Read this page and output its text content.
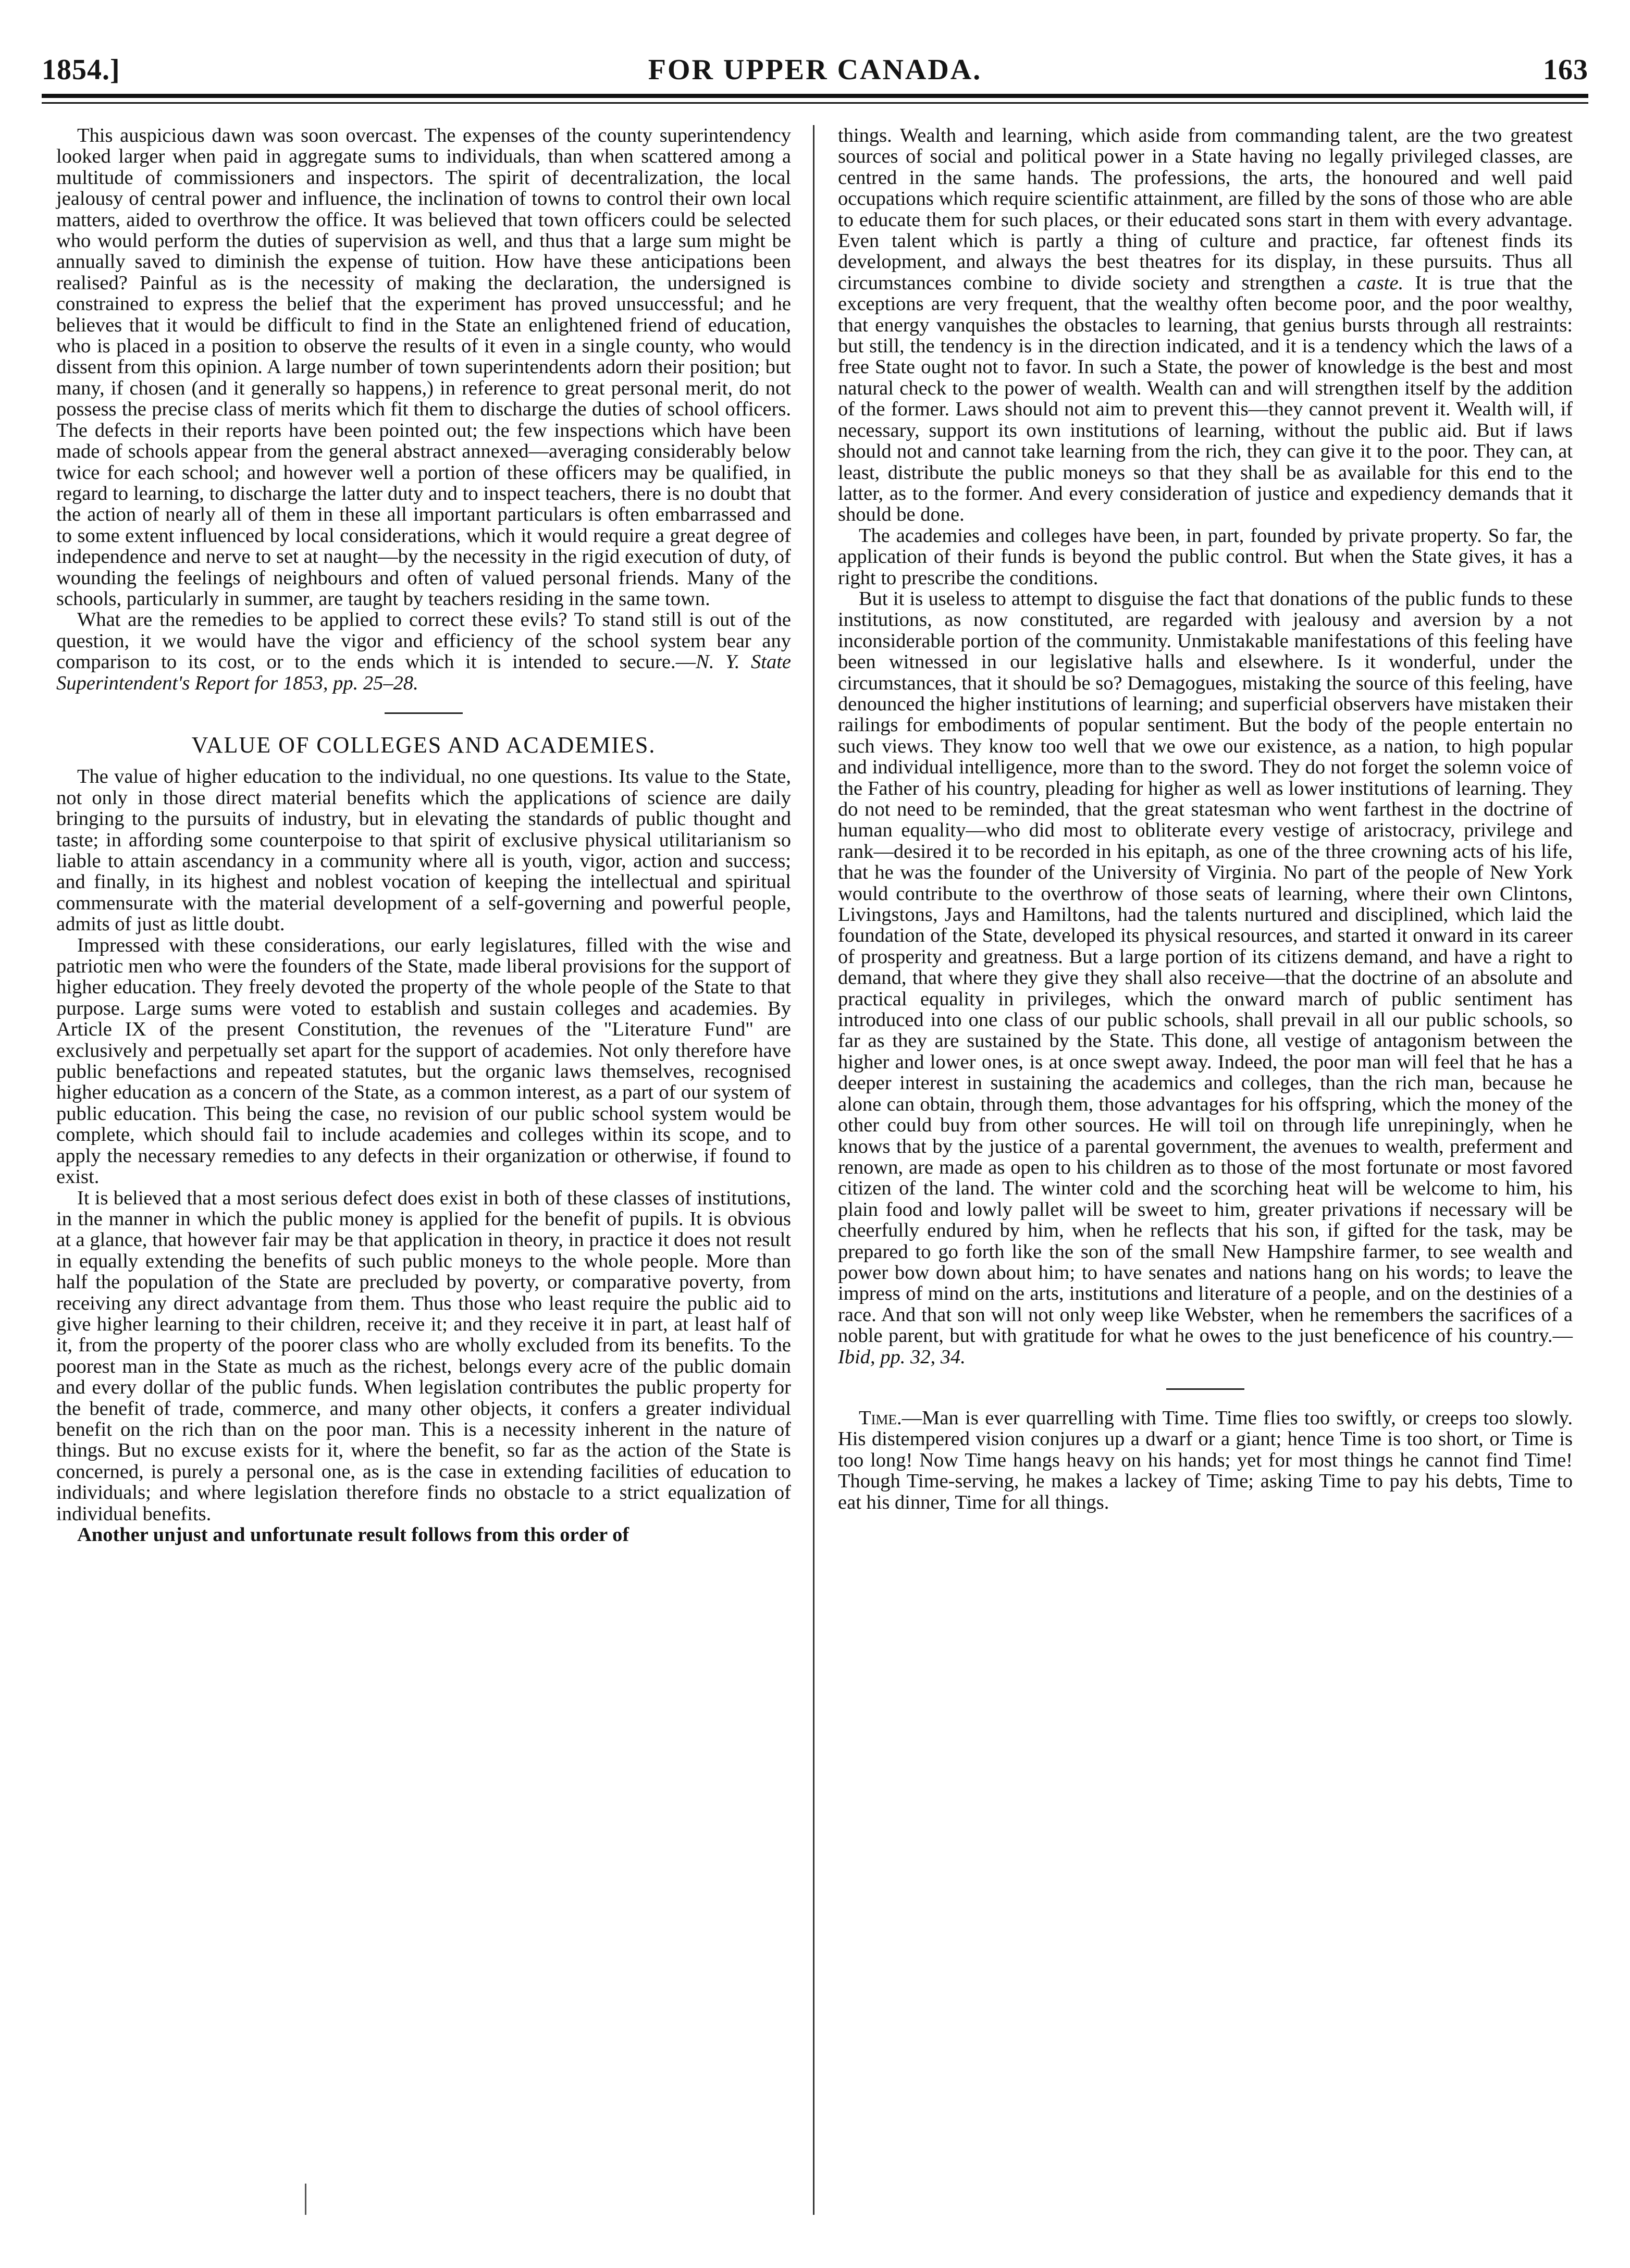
1854.]	FOR UPPER CANADA.	163

This auspicious dawn was soon overcast. The expenses of the county superintendency looked larger when paid in aggregate sums to individuals, than when scattered among a multitude of commissioners and inspectors. The spirit of decentralization, the local jealousy of central power and influence, the inclination of towns to control their own local matters, aided to overthrow the office. It was believed that town officers could be selected who would perform the duties of supervision as well, and thus that a large sum might be annually saved to diminish the expense of tuition. How have these anticipations been realised? Painful as is the necessity of making the declaration, the undersigned is constrained to express the belief that the experiment has proved unsuccessful; and he believes that it would be difficult to find in the State an enlightened friend of education, who is placed in a position to observe the results of it even in a single county, who would dissent from this opinion. A large number of town superintendents adorn their position; but many, if chosen (and it generally so happens,) in reference to great personal merit, do not possess the precise class of merits which fit them to discharge the duties of school officers. The defects in their reports have been pointed out; the few inspections which have been made of schools appear from the general abstract annexed—averaging considerably below twice for each school; and however well a portion of these officers may be qualified, in regard to learning, to discharge the latter duty and to inspect teachers, there is no doubt that the action of nearly all of them in these all important particulars is often embarrassed and to some extent influenced by local considerations, which it would require a great degree of independence and nerve to set at naught—by the necessity in the rigid execution of duty, of wounding the feelings of neighbours and often of valued personal friends. Many of the schools, particularly in summer, are taught by teachers residing in the same town.

What are the remedies to be applied to correct these evils? To stand still is out of the question, it we would have the vigor and efficiency of the school system bear any comparison to its cost, or to the ends which it is intended to secure.—N. Y. State Superintendent's Report for 1853, pp. 25–28.

VALUE OF COLLEGES AND ACADEMIES.

The value of higher education to the individual, no one questions. Its value to the State, not only in those direct material benefits which the applications of science are daily bringing to the pursuits of industry, but in elevating the standards of public thought and taste; in affording some counterpoise to that spirit of exclusive physical utilitarianism so liable to attain ascendancy in a community where all is youth, vigor, action and success; and finally, in its highest and noblest vocation of keeping the intellectual and spiritual commensurate with the material development of a self-governing and powerful people, admits of just as little doubt.

Impressed with these considerations, our early legislatures, filled with the wise and patriotic men who were the founders of the State, made liberal provisions for the support of higher education. They freely devoted the property of the whole people of the State to that purpose. Large sums were voted to establish and sustain colleges and academies. By Article IX of the present Constitution, the revenues of the "Literature Fund" are exclusively and perpetually set apart for the support of academies. Not only therefore have public benefactions and repeated statutes, but the organic laws themselves, recognised higher education as a concern of the State, as a common interest, as a part of our system of public education. This being the case, no revision of our public school system would be complete, which should fail to include academies and colleges within its scope, and to apply the necessary remedies to any defects in their organization or otherwise, if found to exist.

It is believed that a most serious defect does exist in both of these classes of institutions, in the manner in which the public money is applied for the benefit of pupils. It is obvious at a glance, that however fair may be that application in theory, in practice it does not result in equally extending the benefits of such public moneys to the whole people. More than half the population of the State are precluded by poverty, or comparative poverty, from receiving any direct advantage from them. Thus those who least require the public aid to give higher learning to their children, receive it; and they receive it in part, at least half of it, from the property of the poorer class who are wholly excluded from its benefits. To the poorest man in the State as much as the richest, belongs every acre of the public domain and every dollar of the public funds. When legislation contributes the public property for the benefit of trade, commerce, and many other objects, it confers a greater individual benefit on the rich than on the poor man. This is a necessity inherent in the nature of things. But no excuse exists for it, where the benefit, so far as the action of the State is concerned, is purely a personal one, as is the case in extending facilities of education to individuals; and where legislation therefore finds no obstacle to a strict equalization of individual benefits.

Another unjust and unfortunate result follows from this order of

things. Wealth and learning, which aside from commanding talent, are the two greatest sources of social and political power in a State having no legally privileged classes, are centred in the same hands. The professions, the arts, the honoured and well paid occupations which require scientific attainment, are filled by the sons of those who are able to educate them for such places, or their educated sons start in them with every advantage. Even talent which is partly a thing of culture and practice, far oftenest finds its development, and always the best theatres for its display, in these pursuits. Thus all circumstances combine to divide society and strengthen a caste. It is true that the exceptions are very frequent, that the wealthy often become poor, and the poor wealthy, that energy vanquishes the obstacles to learning, that genius bursts through all restraints: but still, the tendency is in the direction indicated, and it is a tendency which the laws of a free State ought not to favor. In such a State, the power of knowledge is the best and most natural check to the power of wealth. Wealth can and will strengthen itself by the addition of the former. Laws should not aim to prevent this—they cannot prevent it. Wealth will, if necessary, support its own institutions of learning, without the public aid. But if laws should not and cannot take learning from the rich, they can give it to the poor. They can, at least, distribute the public moneys so that they shall be as available for this end to the latter, as to the former. And every consideration of justice and expediency demands that it should be done.

The academies and colleges have been, in part, founded by private property. So far, the application of their funds is beyond the public control. But when the State gives, it has a right to prescribe the conditions.

But it is useless to attempt to disguise the fact that donations of the public funds to these institutions, as now constituted, are regarded with jealousy and aversion by a not inconsiderable portion of the community. Unmistakable manifestations of this feeling have been witnessed in our legislative halls and elsewhere. Is it wonderful, under the circumstances, that it should be so? Demagogues, mistaking the source of this feeling, have denounced the higher institutions of learning; and superficial observers have mistaken their railings for embodiments of popular sentiment. But the body of the people entertain no such views. They know too well that we owe our existence, as a nation, to high popular and individual intelligence, more than to the sword. They do not forget the solemn voice of the Father of his country, pleading for higher as well as lower institutions of learning. They do not need to be reminded, that the great statesman who went farthest in the doctrine of human equality—who did most to obliterate every vestige of aristocracy, privilege and rank—desired it to be recorded in his epitaph, as one of the three crowning acts of his life, that he was the founder of the University of Virginia. No part of the people of New York would contribute to the overthrow of those seats of learning, where their own Clintons, Livingstons, Jays and Hamiltons, had the talents nurtured and disciplined, which laid the foundation of the State, developed its physical resources, and started it onward in its career of prosperity and greatness. But a large portion of its citizens demand, and have a right to demand, that where they give they shall also receive—that the doctrine of an absolute and practical equality in privileges, which the onward march of public sentiment has introduced into one class of our public schools, shall prevail in all our public schools, so far as they are sustained by the State. This done, all vestige of antagonism between the higher and lower ones, is at once swept away. Indeed, the poor man will feel that he has a deeper interest in sustaining the academics and colleges, than the rich man, because he alone can obtain, through them, those advantages for his offspring, which the money of the other could buy from other sources. He will toil on through life unrepiningly, when he knows that by the justice of a parental government, the avenues to wealth, preferment and renown, are made as open to his children as to those of the most fortunate or most favored citizen of the land. The winter cold and the scorching heat will be welcome to him, his plain food and lowly pallet will be sweet to him, greater privations if necessary will be cheerfully endured by him, when he reflects that his son, if gifted for the task, may be prepared to go forth like the son of the small New Hampshire farmer, to see wealth and power bow down about him; to have senates and nations hang on his words; to leave the impress of mind on the arts, institutions and literature of a people, and on the destinies of a race. And that son will not only weep like Webster, when he remembers the sacrifices of a noble parent, but with gratitude for what he owes to the just beneficence of his country.—Ibid, pp. 32, 34.

Time.—Man is ever quarrelling with Time. Time flies too swiftly, or creeps too slowly. His distempered vision conjures up a dwarf or a giant; hence Time is too short, or Time is too long! Now Time hangs heavy on his hands; yet for most things he cannot find Time! Though Time-serving, he makes a lackey of Time; asking Time to pay his debts, Time to eat his dinner, Time for all things.
